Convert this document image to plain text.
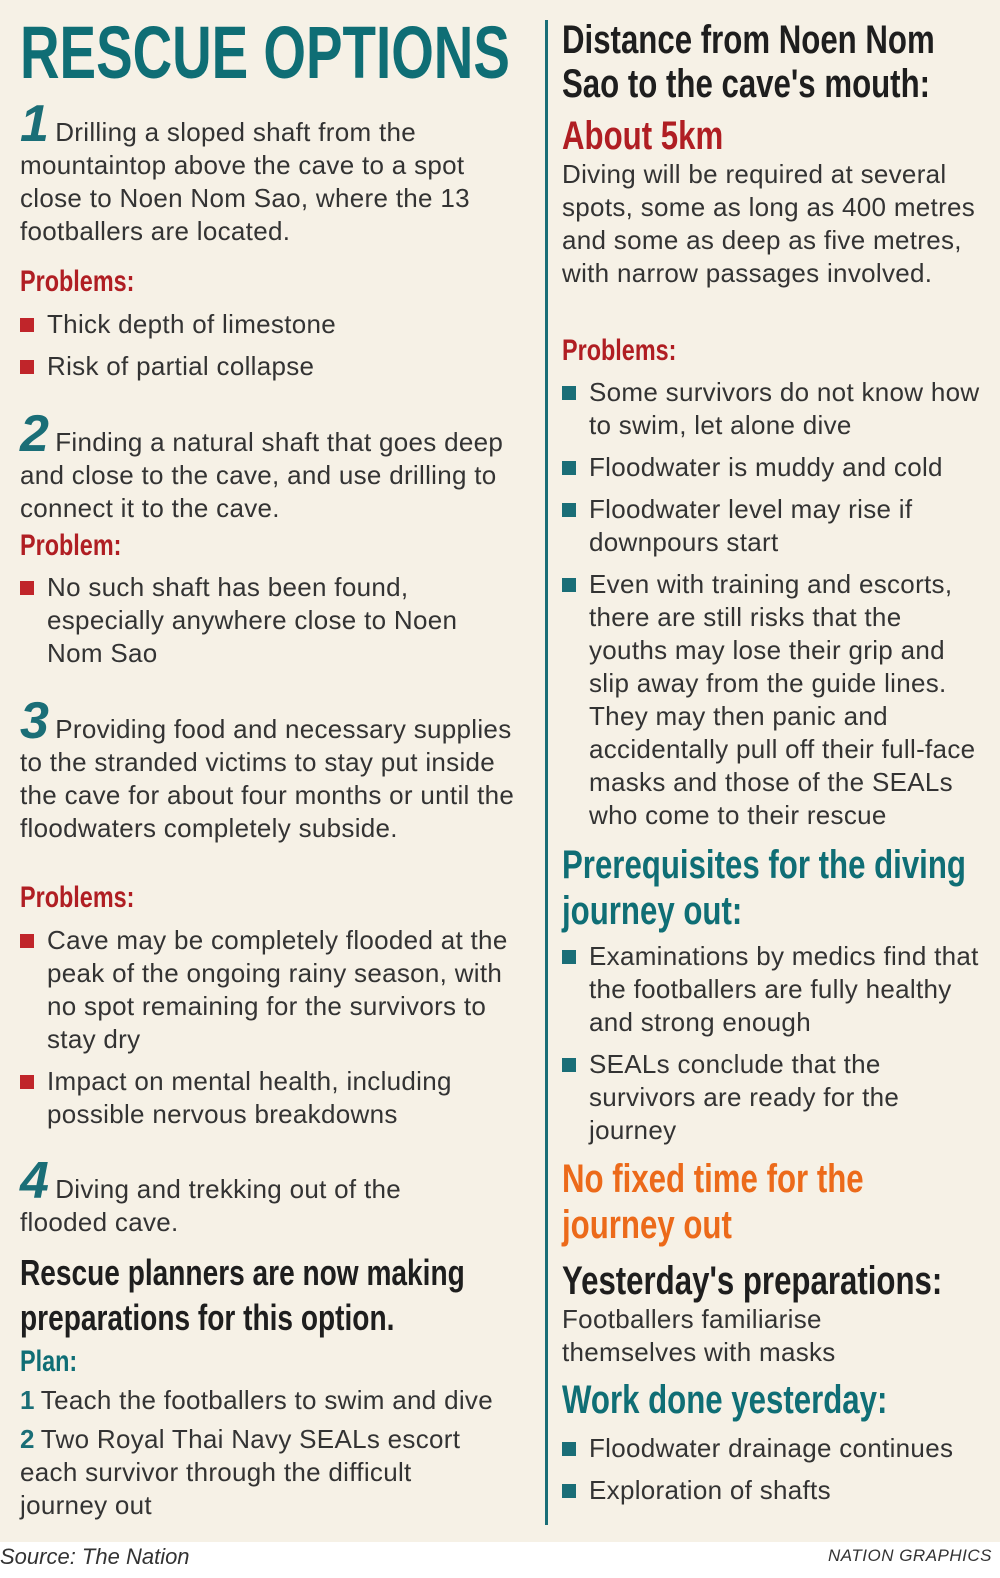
RESCUE OPTIONS
1 Drilling a sloped shaft from the mountaintop above the cave to a spot close to Noen Nom Sao, where the 13 footballers are located.
Problems:
Thick depth of limestone
Risk of partial collapse
2 Finding a natural shaft that goes deep and close to the cave, and use drilling to connect it to the cave.
Problem:
No such shaft has been found, especially anywhere close to Noen Nom Sao
3 Providing food and necessary supplies to the stranded victims to stay put inside the cave for about four months or until the floodwaters completely subside.
Problems:
Cave may be completely flooded at the peak of the ongoing rainy season, with no spot remaining for the survivors to stay dry
Impact on mental health, including possible nervous breakdowns
4 Diving and trekking out of the flooded cave.
Rescue planners are now making preparations for this option.
Plan:
1 Teach the footballers to swim and dive
2 Two Royal Thai Navy SEALs escort each survivor through the difficult journey out
Distance from Noen Nom Sao to the cave's mouth:
About 5km
Diving will be required at several spots, some as long as 400 metres and some as deep as five metres, with narrow passages involved.
Problems:
Some survivors do not know how to swim, let alone dive
Floodwater is muddy and cold
Floodwater level may rise if downpours start
Even with training and escorts, there are still risks that the youths may lose their grip and slip away from the guide lines. They may then panic and accidentally pull off their full-face masks and those of the SEALs who come to their rescue
Prerequisites for the diving journey out:
Examinations by medics find that the footballers are fully healthy and strong enough
SEALs conclude that the survivors are ready for the journey
No fixed time for the journey out
Yesterday's preparations:
Footballers familiarise themselves with masks
Work done yesterday:
Floodwater drainage continues
Exploration of shafts
Source: The Nation	NATION GRAPHICS
